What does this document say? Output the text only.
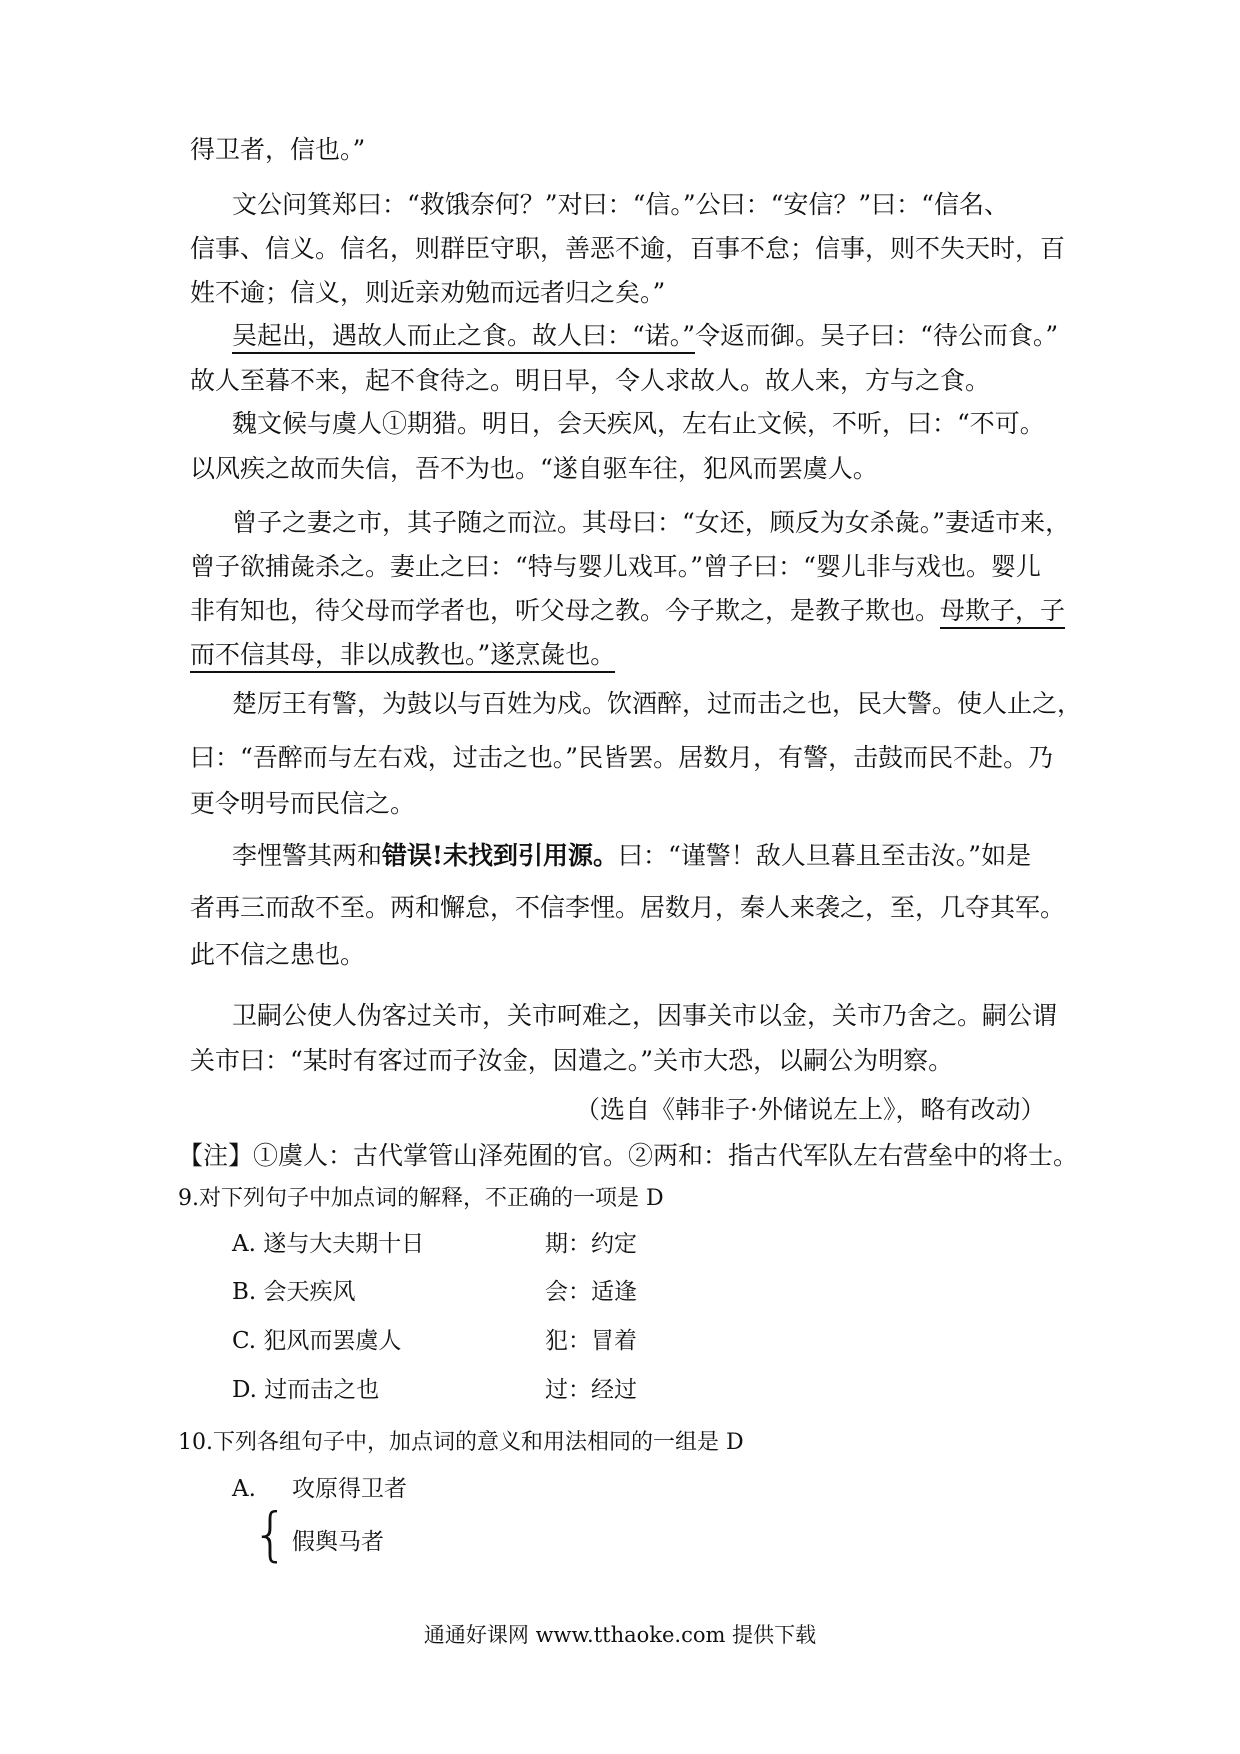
得卫者，信也。”
文公问箕郑曰：“救饿奈何？”对曰：“信。”公曰：“安信？”曰：“信名、
信事、信义。信名，则群臣守职，善恶不逾，百事不怠；信事，则不失天时，百
姓不逾；信义，则近亲劝勉而远者归之矣。”
吴起出，遇故人而止之食。故人曰：“诺。”令返而御。吴子曰：“待公而食。”
故人至暮不来，起不食待之。明日早，令人求故人。故人来，方与之食。
魏文候与虞人①期猎。明日，会天疾风，左右止文候，不听，曰：“不可。
以风疾之故而失信，吾不为也。“遂自驱车往，犯风而罢虞人。
曾子之妻之市，其子随之而泣。其母曰：“女还，顾反为女杀彘。”妻适市来，
曾子欲捕彘杀之。妻止之曰：“特与婴儿戏耳。”曾子曰：“婴儿非与戏也。婴儿
非有知也，待父母而学者也，听父母之教。今子欺之，是教子欺也。母欺子，子
而不信其母，非以成教也。”遂烹彘也。
楚厉王有警，为鼓以与百姓为戍。饮酒醉，过而击之也，民大警。使人止之，
曰：“吾醉而与左右戏，过击之也。”民皆罢。居数月，有警，击鼓而民不赴。乃
更令明号而民信之。
李悝警其两和错误!未找到引用源。曰：“谨警！敌人旦暮且至击汝。”如是
者再三而敌不至。两和懈怠，不信李悝。居数月，秦人来袭之，至，几夺其军。
此不信之患也。
卫嗣公使人伪客过关市，关市呵难之，因事关市以金，关市乃舍之。嗣公谓
关市曰：“某时有客过而子汝金，因遣之。”关市大恐，以嗣公为明察。
（选自《韩非子·外储说左上》，略有改动）
【注】①虞人：古代掌管山泽苑囿的官。②两和：指古代军队左右营垒中的将士。
9.对下列句子中加点词的解释，不正确的一项是 D
A. 遂与大夫期十日	期：约定
B. 会天疾风	会：适逢
C. 犯风而罢虞人	犯：冒着
D. 过而击之也	过：经过
10.下列各组句子中，加点词的意义和用法相同的一组是 D
A.
{
攻原得卫者
假舆马者
通通好课网 www.tthaoke.com 提供下载
